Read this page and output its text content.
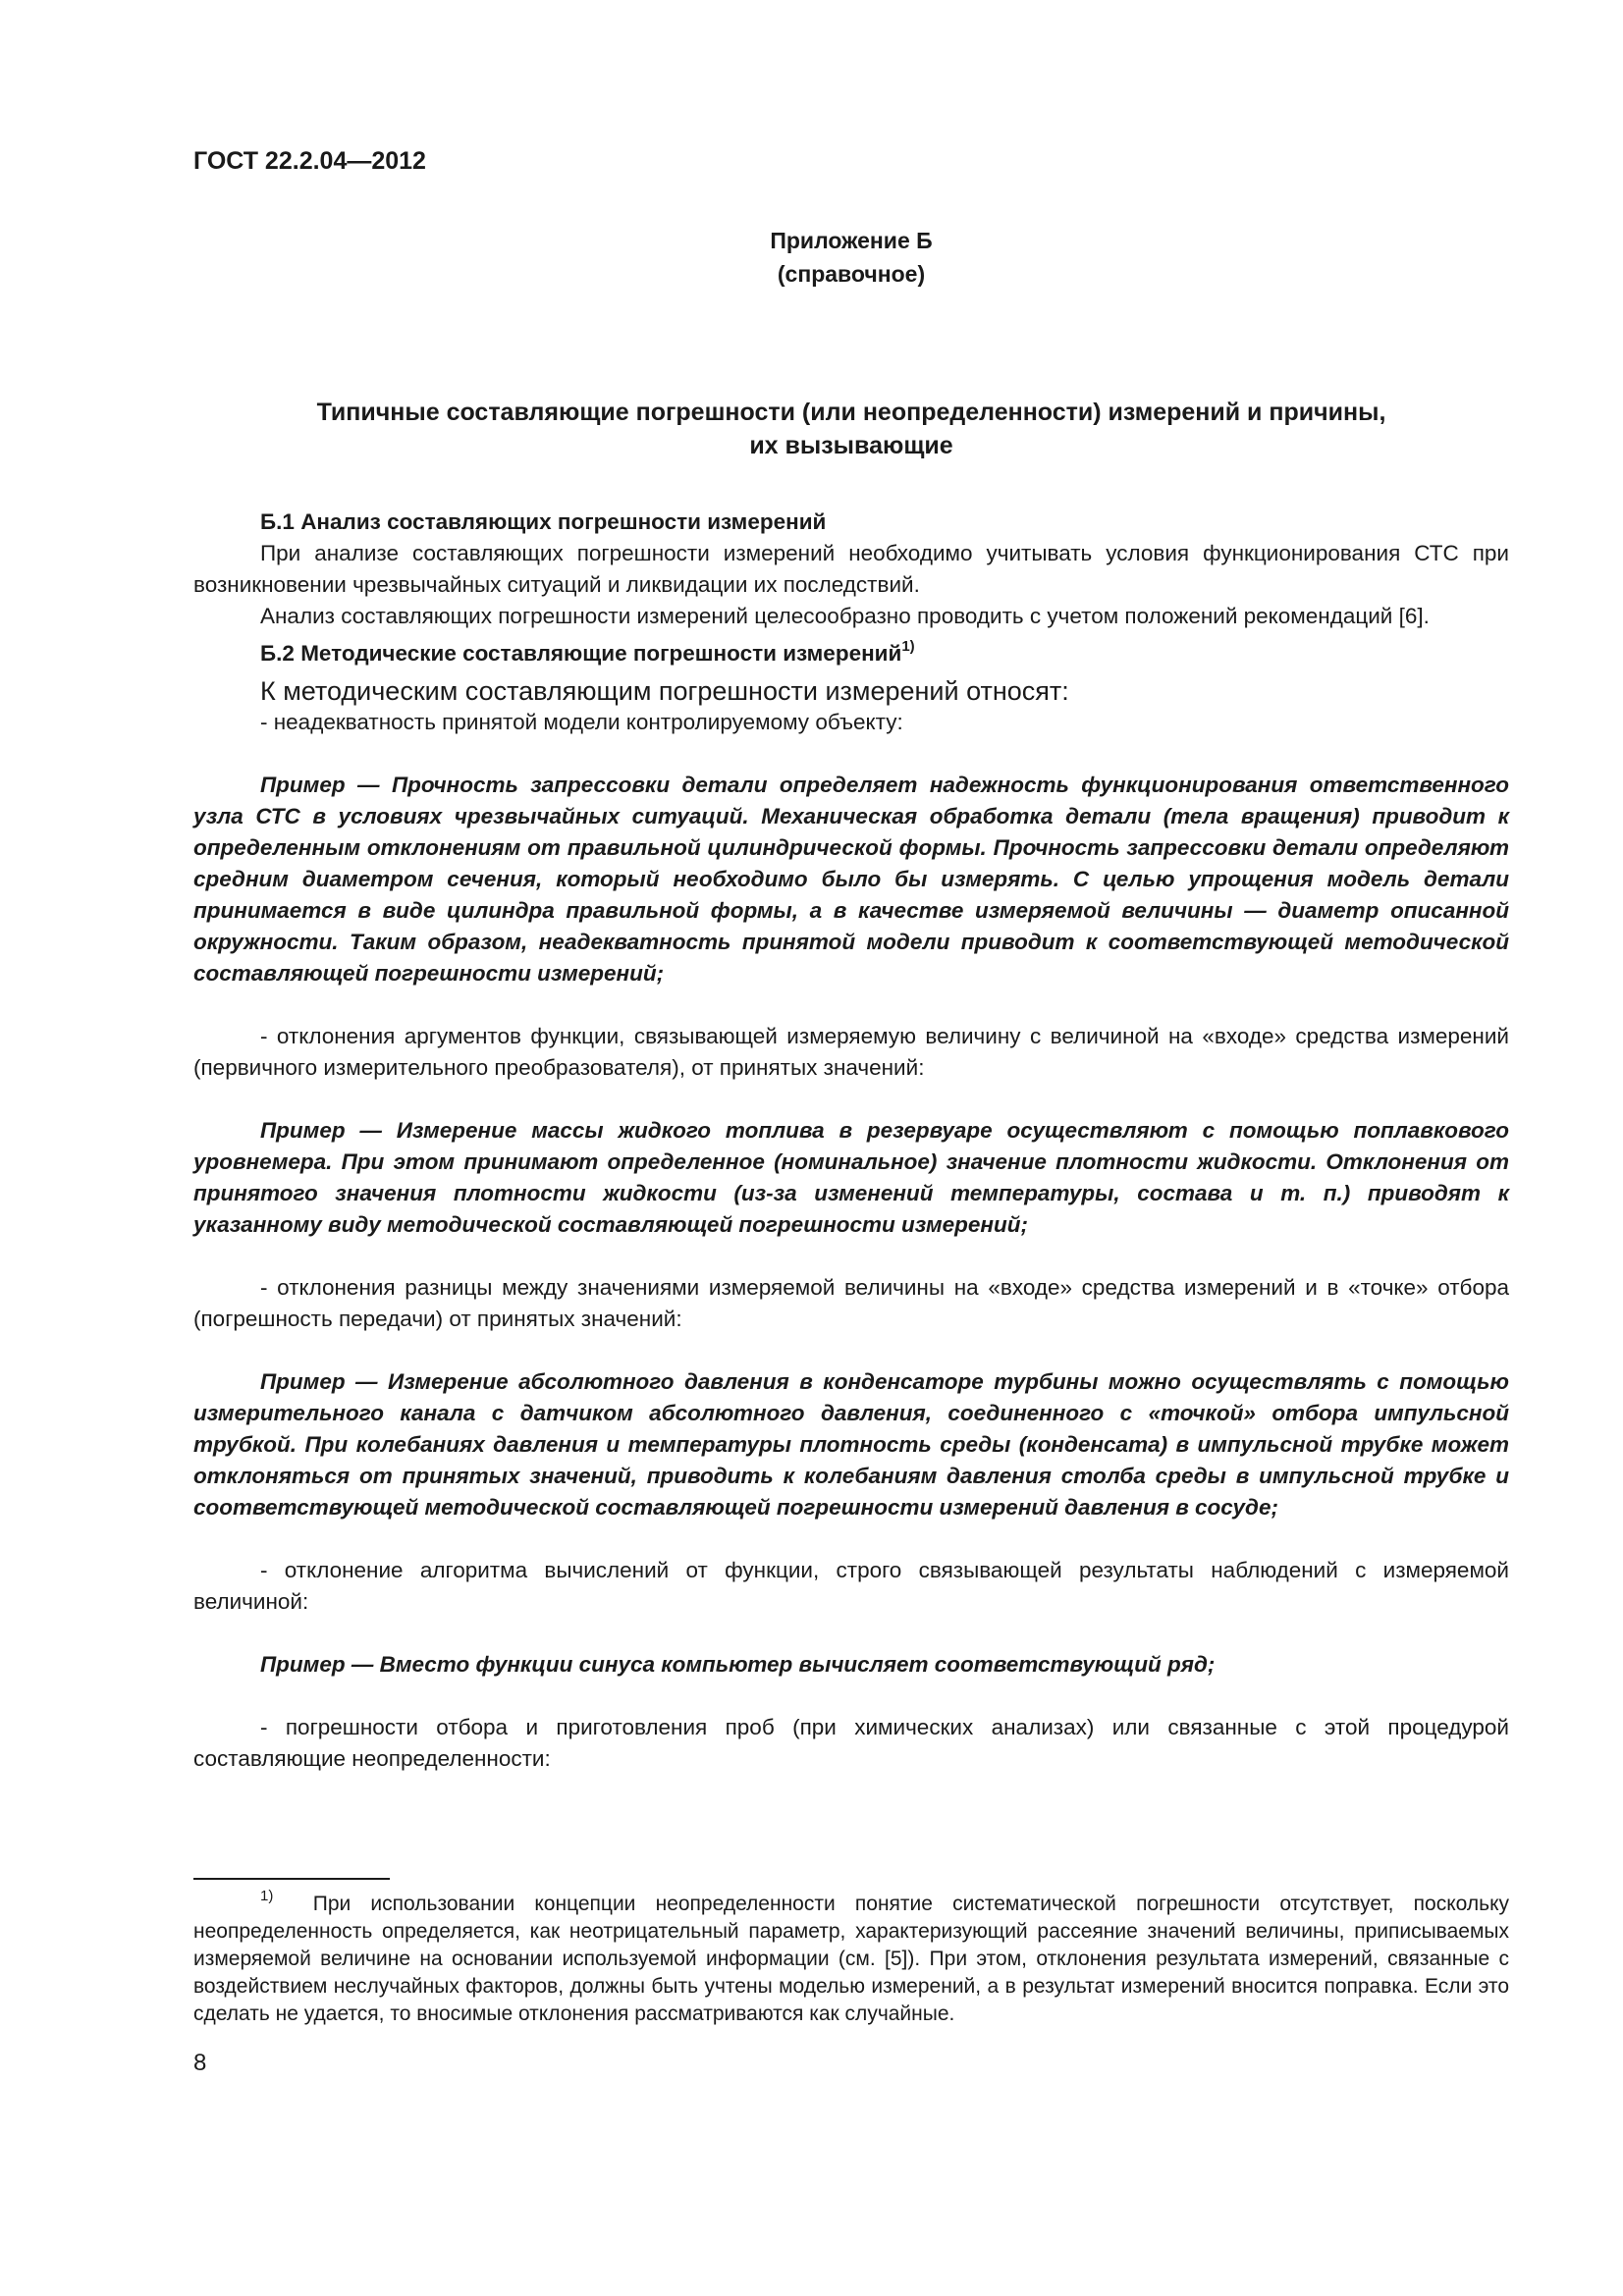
ГОСТ 22.2.04—2012
Приложение Б
(справочное)
Типичные составляющие погрешности (или неопределенности) измерений и причины,
их вызывающие

Б.1 Анализ составляющих погрешности измерений

При анализе составляющих погрешности измерений необходимо учитывать условия функционирования СТС при возникновении чрезвычайных ситуаций и ликвидации их последствий.

Анализ составляющих погрешности измерений целесообразно проводить с учетом положений рекомендаций [6].

Б.2 Методические составляющие погрешности измерений$^{1)}$

К методическим составляющим погрешности измерений относят:

- неадекватность принятой модели контролируемому объекту:

Пример — Прочность запрессовки детали определяет надежность функционирования ответственного узла СТС в условиях чрезвычайных ситуаций. Механическая обработка детали (тела вращения) приводит к определенным отклонениям от правильной цилиндрической формы. Прочность запрессовки детали определяют средним диаметром сечения, который необходимо было бы измерять. С целью упрощения модель детали принимается в виде цилиндра правильной формы, а в качестве измеряемой величины — диаметр описанной окружности. Таким образом, неадекватность принятой модели приводит к соответствующей методической составляющей погрешности измерений;

- отклонения аргументов функции, связывающей измеряемую величину с величиной на «входе» средства измерений (первичного измерительного преобразователя), от принятых значений:

Пример — Измерение массы жидкого топлива в резервуаре осуществляют с помощью поплавкового уровнемера. При этом принимают определенное (номинальное) значение плотности жидкости. Отклонения от принятого значения плотности жидкости (из-за изменений температуры, состава и т. п.) приводят к указанному виду методической составляющей погрешности измерений;

- отклонения разницы между значениями измеряемой величины на «входе» средства измерений и в «точке» отбора (погрешность передачи) от принятых значений:

Пример — Измерение абсолютного давления в конденсаторе турбины можно осуществлять с помощью измерительного канала с датчиком абсолютного давления, соединенного с «точкой» отбора импульсной трубкой. При колебаниях давления и температуры плотность среды (конденсата) в импульсной трубке может отклоняться от принятых значений, приводить к колебаниям давления столба среды в импульсной трубке и соответствующей методической составляющей погрешности измерений давления в сосуде;

- отклонение алгоритма вычислений от функции, строго связывающей результаты наблюдений с измеряемой величиной:

Пример — Вместо функции синуса компьютер вычисляет соответствующий ряд;

- погрешности отбора и приготовления проб (при химических анализах) или связанные с этой процедурой составляющие неопределенности:

$^{1)}$ При использовании концепции неопределенности понятие систематической погрешности отсутствует, поскольку неопределенность определяется, как неотрицательный параметр, характеризующий рассеяние значений величины, приписываемых измеряемой величине на основании используемой информации (см. [5]). При этом, отклонения результата измерений, связанные с воздействием неслучайных факторов, должны быть учтены моделью измерений, а в результат измерений вносится поправка. Если это сделать не удается, то вносимые отклонения рассматриваются как случайные.

8
